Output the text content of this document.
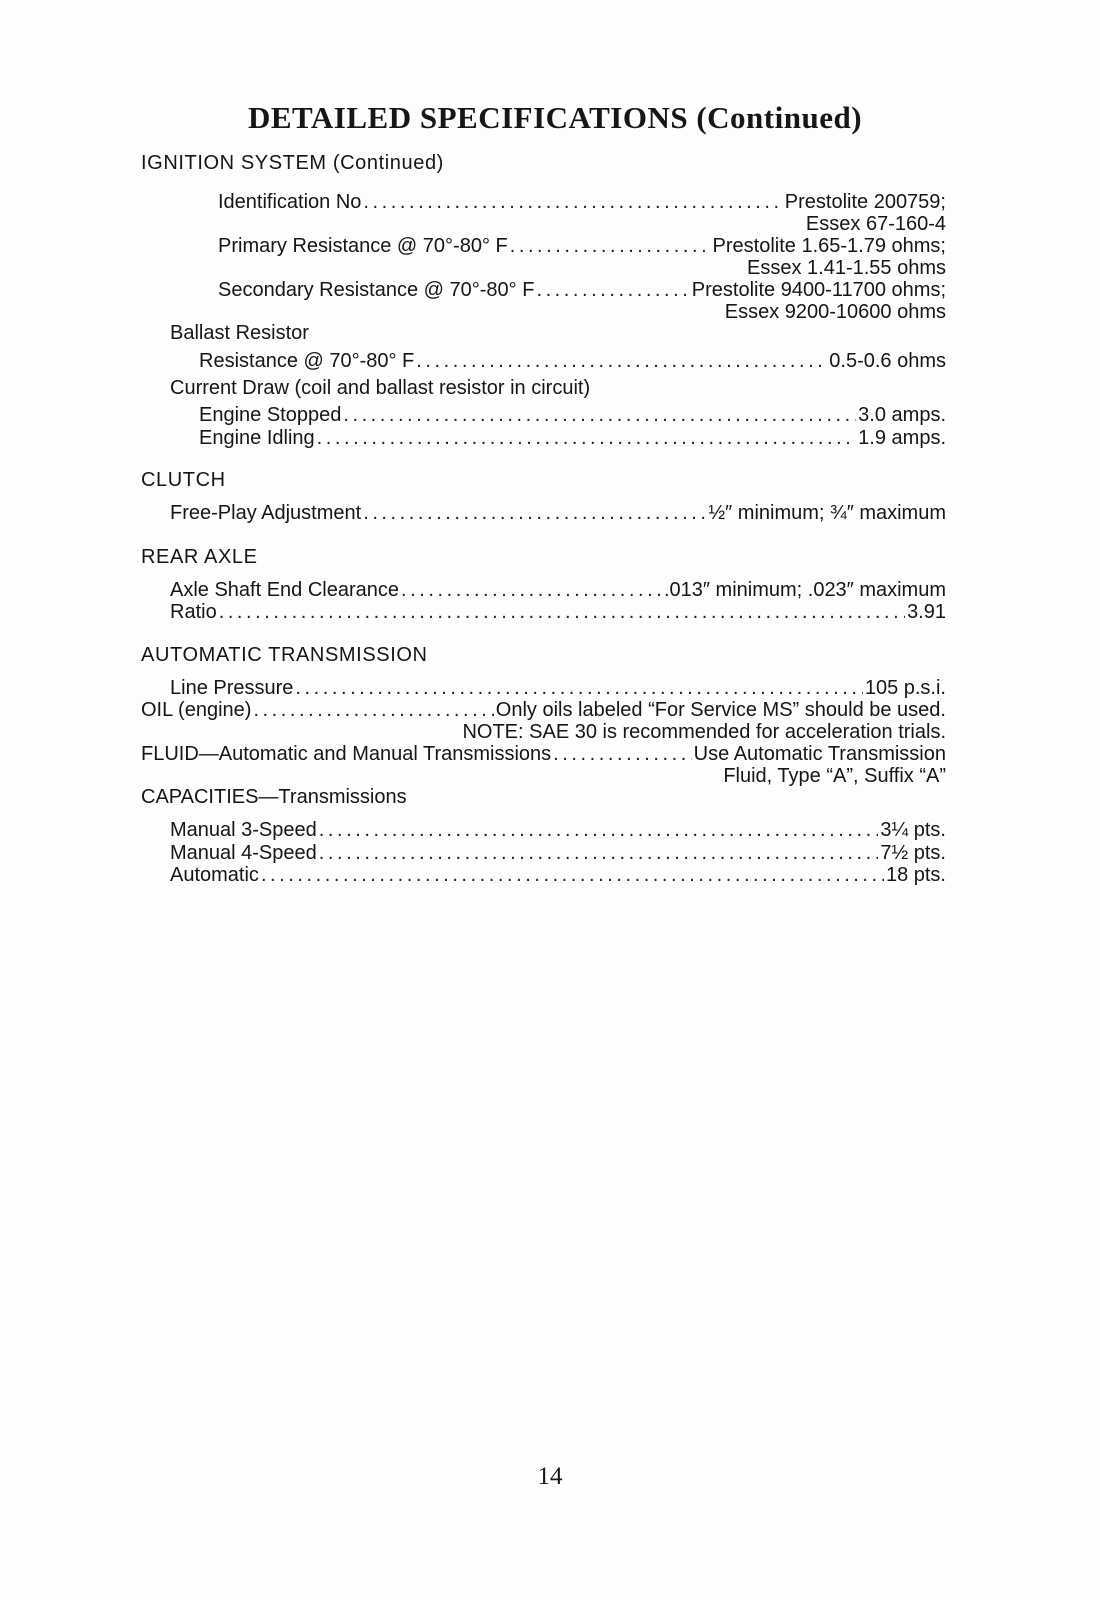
DETAILED SPECIFICATIONS (Continued)
IGNITION SYSTEM (Continued)
Identification No . . .	Prestolite 200759;
Essex 67-160-4
Primary Resistance @ 70°-80° F . . .	Prestolite 1.65-1.79 ohms;
Essex 1.41-1.55 ohms
Secondary Resistance @ 70°-80° F . . .	Prestolite 9400-11700 ohms;
Essex 9200-10600 ohms
Ballast Resistor
Resistance @ 70°-80° F . . .	0.5-0.6 ohms
Current Draw (coil and ballast resistor in circuit)
Engine Stopped . . .	3.0 amps.
Engine Idling . . .	1.9 amps.
CLUTCH
Free-Play Adjustment . . .	½″ minimum; ¾″ maximum
REAR AXLE
Axle Shaft End Clearance . . .	.013″ minimum; .023″ maximum
Ratio . . .	3.91
AUTOMATIC TRANSMISSION
Line Pressure . . .	105 p.s.i.
OIL (engine) . . .	Only oils labeled “For Service MS” should be used.
NOTE: SAE 30 is recommended for acceleration trials.
FLUID—Automatic and Manual Transmissions . . .	Use Automatic Transmission
Fluid, Type “A”, Suffix “A”
CAPACITIES—Transmissions
Manual 3-Speed . . .	3¼ pts.
Manual 4-Speed . . .	7½ pts.
Automatic . . .	18 pts.
14
